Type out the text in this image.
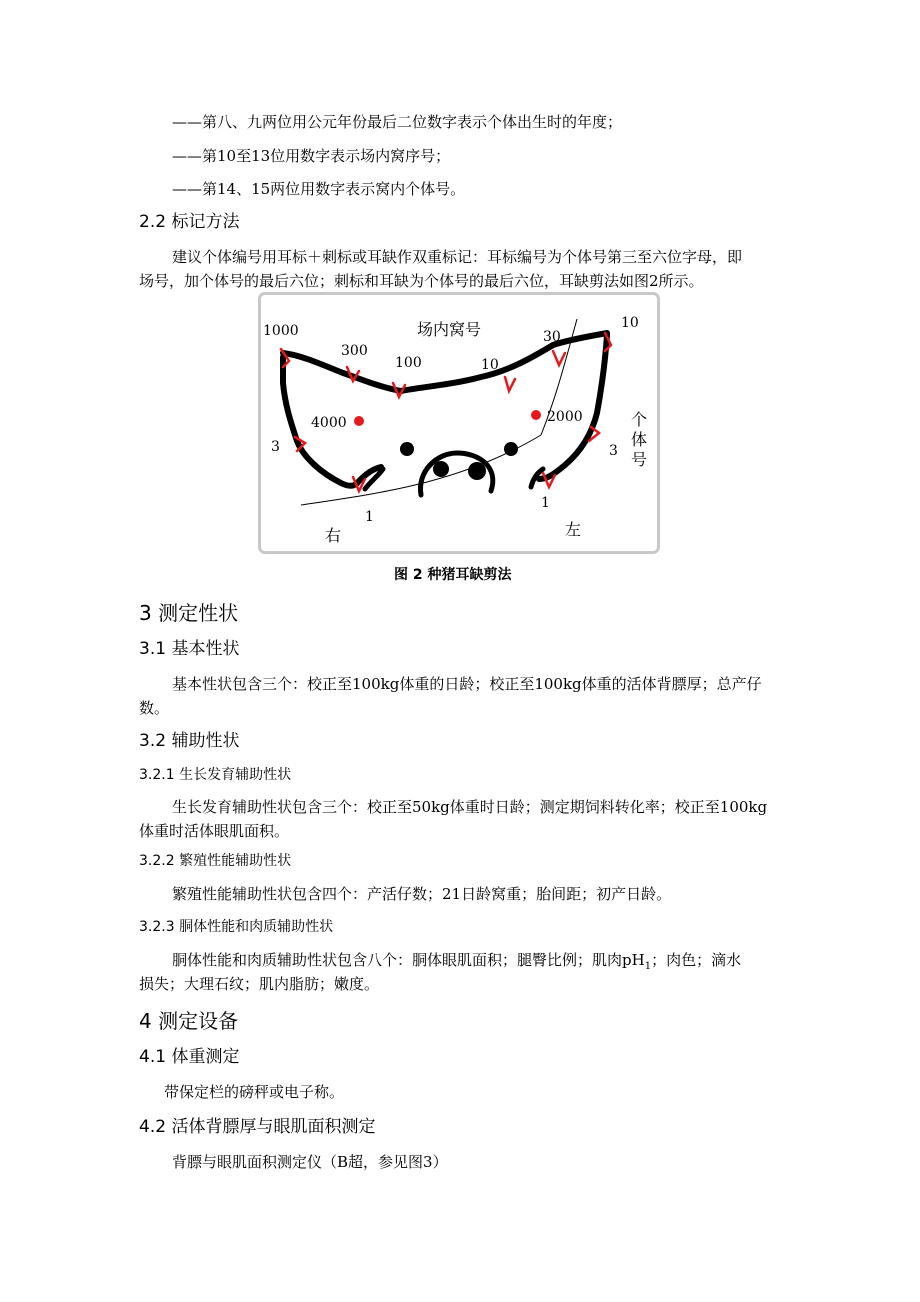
——第八、九两位用公元年份最后二位数字表示个体出生时的年度；
——第10至13位用数字表示场内窝序号；
——第14、15两位用数字表示窝内个体号。
2.2 标记方法
建议个体编号用耳标＋刺标或耳缺作双重标记：耳标编号为个体号第三至六位字母，即
场号，加个体号的最后六位；刺标和耳缺为个体号的最后六位，耳缺剪法如图2所示。
1000
300
100	10
30
10
4000	2000
3	3
1
1
场内窝号
个
体
号
右	左
图 2 种猪耳缺剪法
3 测定性状
3.1 基本性状
基本性状包含三个：校正至100kg体重的日龄；校正至100kg体重的活体背膘厚；总产仔
数。
3.2 辅助性状
3.2.1 生长发育辅助性状
生长发育辅助性状包含三个：校正至50kg体重时日龄；测定期饲料转化率；校正至100kg
体重时活体眼肌面积。
3.2.2 繁殖性能辅助性状
繁殖性能辅助性状包含四个：产活仔数；21日龄窝重；胎间距；初产日龄。
3.2.3 胴体性能和肉质辅助性状
胴体性能和肉质辅助性状包含八个：胴体眼肌面积；腿臀比例；肌肉$pH_1$；肉色；滴水
损失；大理石纹；肌内脂肪；嫩度。
4 测定设备
4.1 体重测定
带保定栏的磅秤或电子称。
4.2 活体背膘厚与眼肌面积测定
背膘与眼肌面积测定仪（B超，参见图3）
